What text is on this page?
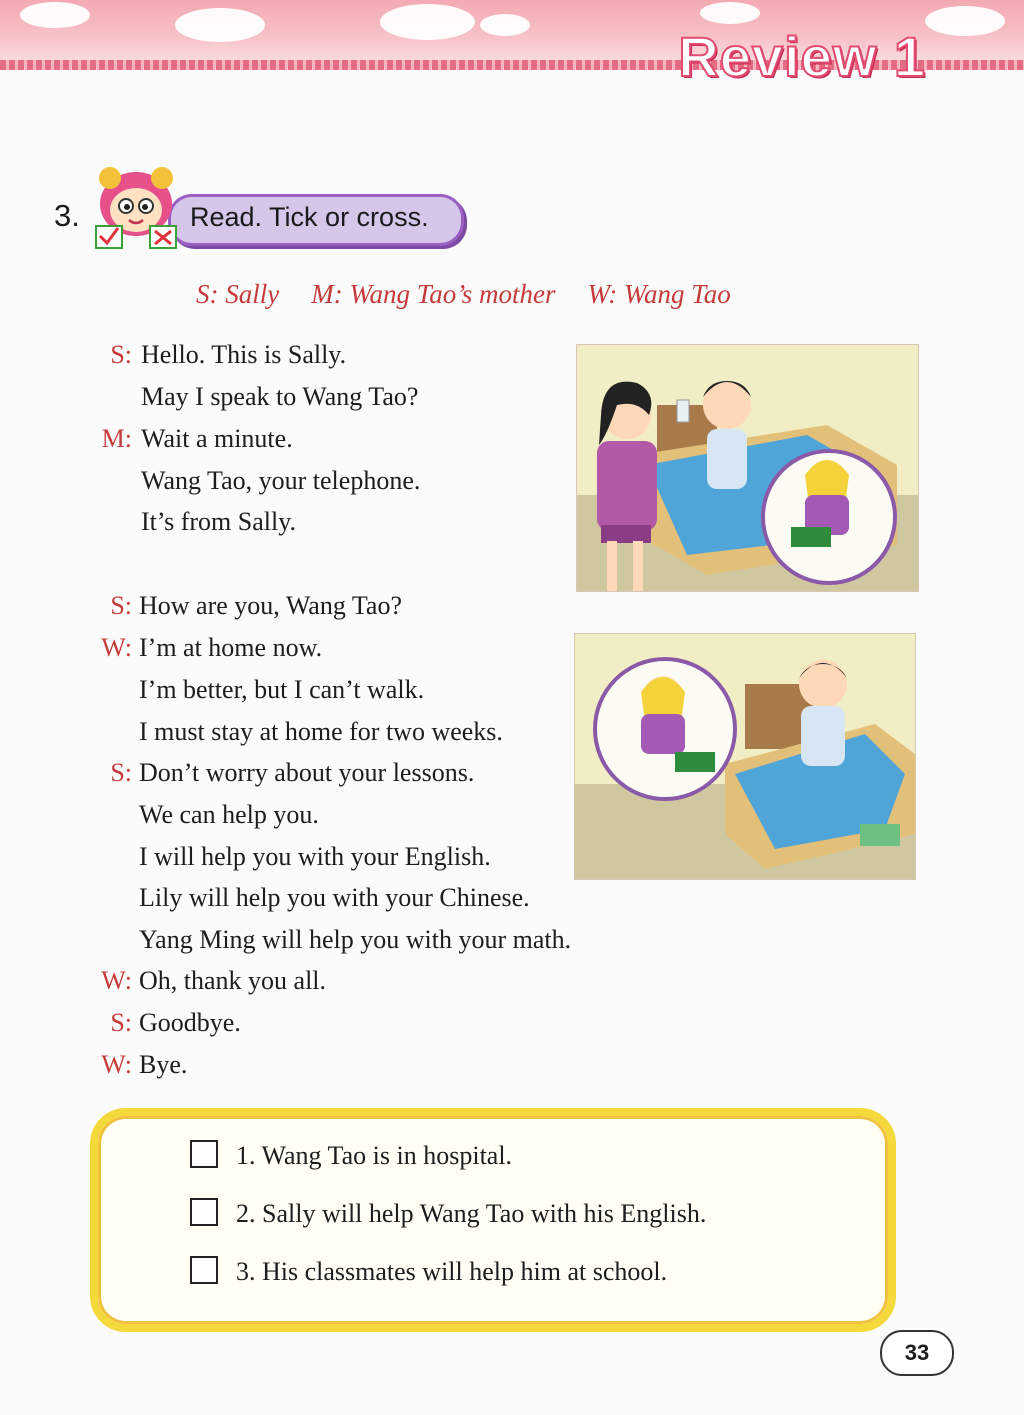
Review 1
3.	Read. Tick or cross.
S: Sally M: Wang Tao’s mother W: Wang Tao
S: Hello. This is Sally.
May I speak to Wang Tao?
M: Wait a minute.
Wang Tao, your telephone.
It’s from Sally.
S: How are you, Wang Tao?
W: I’m at home now.
I’m better, but I can’t walk.
I must stay at home for two weeks.
S: Don’t worry about your lessons.
We can help you.
I will help you with your English.
Lily will help you with your Chinese.
Yang Ming will help you with your math.
W: Oh, thank you all.
S: Goodbye.
W: Bye.
1. Wang Tao is in hospital.
2. Sally will help Wang Tao with his English.
3. His classmates will help him at school.
33
